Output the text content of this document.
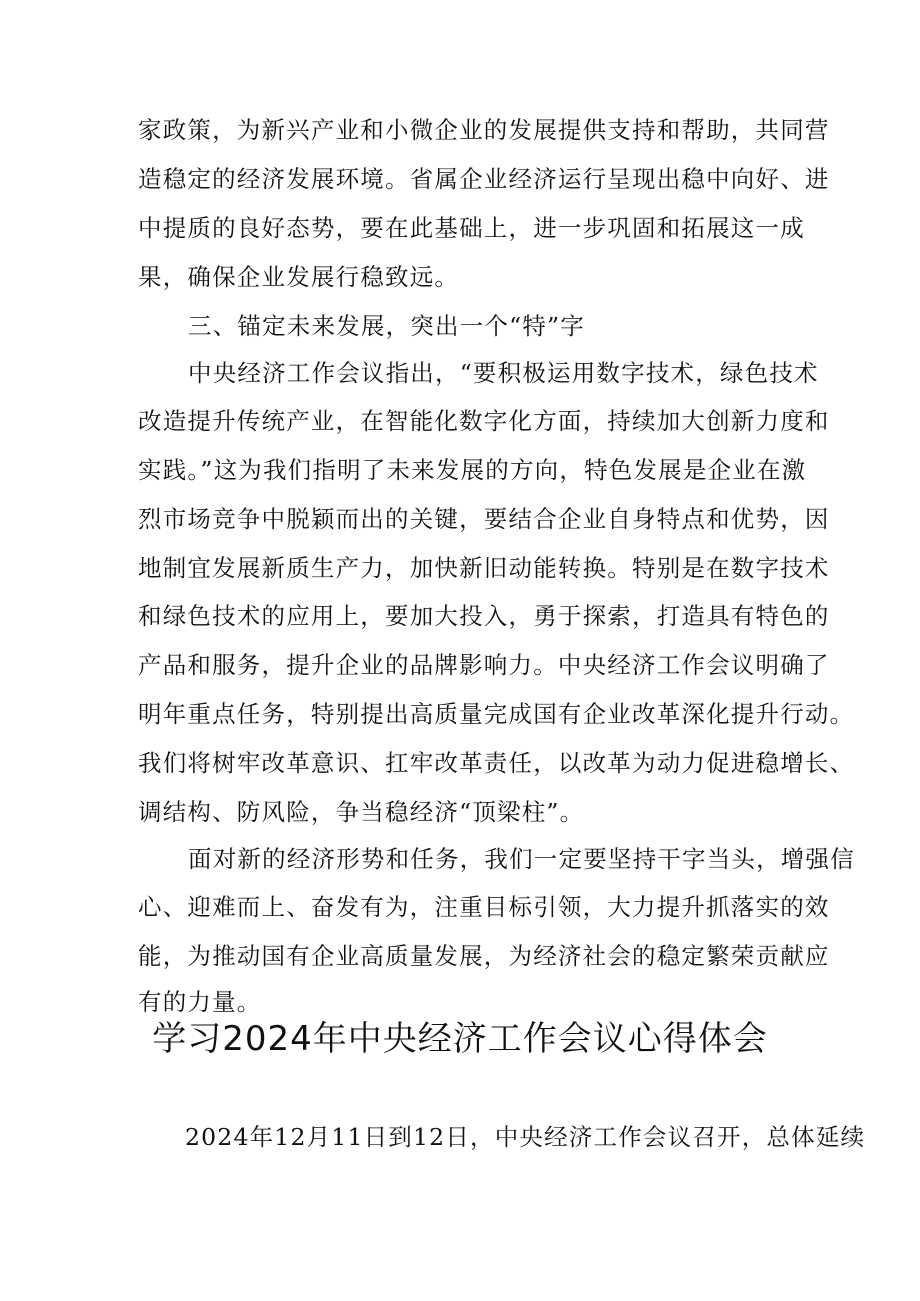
家政策，为新兴产业和小微企业的发展提供支持和帮助，共同营
造稳定的经济发展环境。省属企业经济运行呈现出稳中向好、进
中提质的良好态势，要在此基础上，进一步巩固和拓展这一成
果，确保企业发展行稳致远。
三、锚定未来发展，突出一个“特”字
中央经济工作会议指出，“要积极运用数字技术，绿色技术
改造提升传统产业，在智能化数字化方面，持续加大创新力度和
实践。”这为我们指明了未来发展的方向，特色发展是企业在激
烈市场竞争中脱颖而出的关键，要结合企业自身特点和优势，因
地制宜发展新质生产力，加快新旧动能转换。特别是在数字技术
和绿色技术的应用上，要加大投入，勇于探索，打造具有特色的
产品和服务，提升企业的品牌影响力。中央经济工作会议明确了
明年重点任务，特别提出高质量完成国有企业改革深化提升行动。
我们将树牢改革意识、扛牢改革责任，以改革为动力促进稳增长、
调结构、防风险，争当稳经济“顶梁柱”。
面对新的经济形势和任务，我们一定要坚持干字当头，增强信
心、迎难而上、奋发有为，注重目标引领，大力提升抓落实的效
能，为推动国有企业高质量发展，为经济社会的稳定繁荣贡献应
有的力量。
学习2024年中央经济工作会议心得体会
2024年12月11日到12日，中央经济工作会议召开，总体延续
